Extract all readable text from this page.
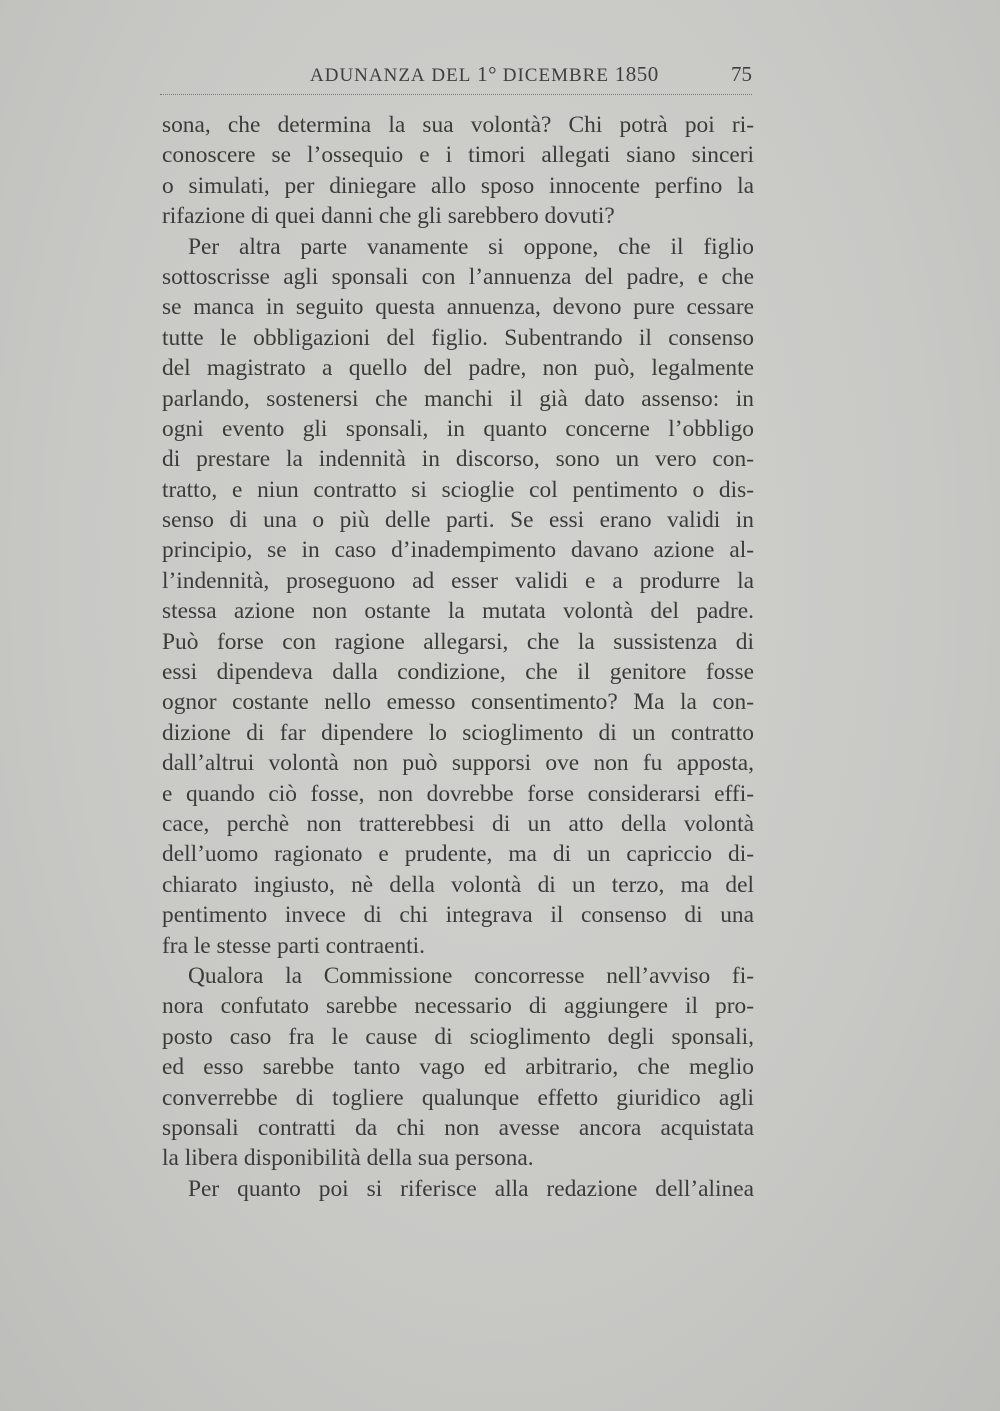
ADUNANZA DEL 1° DICEMBRE 1850	75
sona, che determina la sua volontà? Chi potrà poi ri-
conoscere se l’ossequio e i timori allegati siano sinceri
o simulati, per diniegare allo sposo innocente perfino la
rifazione di quei danni che gli sarebbero dovuti?
Per altra parte vanamente si oppone, che il figlio
sottoscrisse agli sponsali con l’annuenza del padre, e che
se manca in seguito questa annuenza, devono pure cessare
tutte le obbligazioni del figlio. Subentrando il consenso
del magistrato a quello del padre, non può, legalmente
parlando, sostenersi che manchi il già dato assenso: in
ogni evento gli sponsali, in quanto concerne l’obbligo
di prestare la indennità in discorso, sono un vero con-
tratto, e niun contratto si scioglie col pentimento o dis-
senso di una o più delle parti. Se essi erano validi in
principio, se in caso d’inadempimento davano azione al-
l’indennità, proseguono ad esser validi e a produrre la
stessa azione non ostante la mutata volontà del padre.
Può forse con ragione allegarsi, che la sussistenza di
essi dipendeva dalla condizione, che il genitore fosse
ognor costante nello emesso consentimento? Ma la con-
dizione di far dipendere lo scioglimento di un contratto
dall’altrui volontà non può supporsi ove non fu apposta,
e quando ciò fosse, non dovrebbe forse considerarsi effi-
cace, perchè non tratterebbesi di un atto della volontà
dell’uomo ragionato e prudente, ma di un capriccio di-
chiarato ingiusto, nè della volontà di un terzo, ma del
pentimento invece di chi integrava il consenso di una
fra le stesse parti contraenti.
Qualora la Commissione concorresse nell’avviso fi-
nora confutato sarebbe necessario di aggiungere il pro-
posto caso fra le cause di scioglimento degli sponsali,
ed esso sarebbe tanto vago ed arbitrario, che meglio
converrebbe di togliere qualunque effetto giuridico agli
sponsali contratti da chi non avesse ancora acquistata
la libera disponibilità della sua persona.
Per quanto poi si riferisce alla redazione dell’alinea
